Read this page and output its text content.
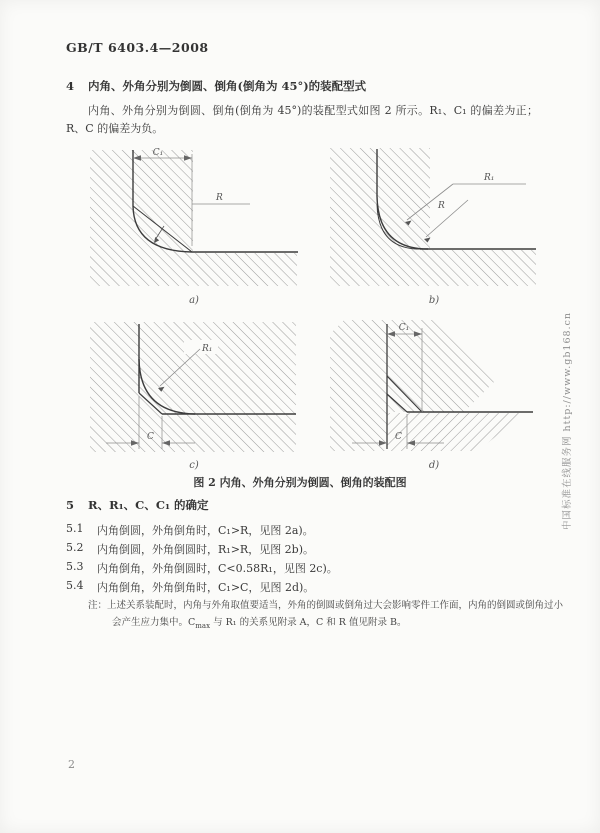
GB/T 6403.4—2008
4 内角、外角分别为倒圆、倒角(倒角为 45°)的装配型式
内角、外角分别为倒圆、倒角(倒角为 45°)的装配型式如图 2 所示。R₁、C₁ 的偏差为正；R、C 的偏差为负。
C₁
R
a)
R₁
R
b)
R₁
C
c)
C₁
C
d)
图 2 内角、外角分别为倒圆、倒角的装配图
5 R、R₁、C、C₁ 的确定
5.1	内角倒圆，外角倒角时，C₁>R，见图 2a)。
5.2	内角倒圆，外角倒圆时，R₁>R，见图 2b)。
5.3	内角倒角，外角倒圆时，C<0.58R₁，见图 2c)。
5.4	内角倒角，外角倒角时，C₁>C，见图 2d)。
注：上述关系装配时，内角与外角取值要适当，外角的倒圆或倒角过大会影响零件工作面，内角的倒圆或倒角过小
会产生应力集中。$C_{max}$ 与 R₁ 的关系见附录 A，C 和 R 值见附录 B。
中国标准在线服务网 http://www.gb168.cn
2
